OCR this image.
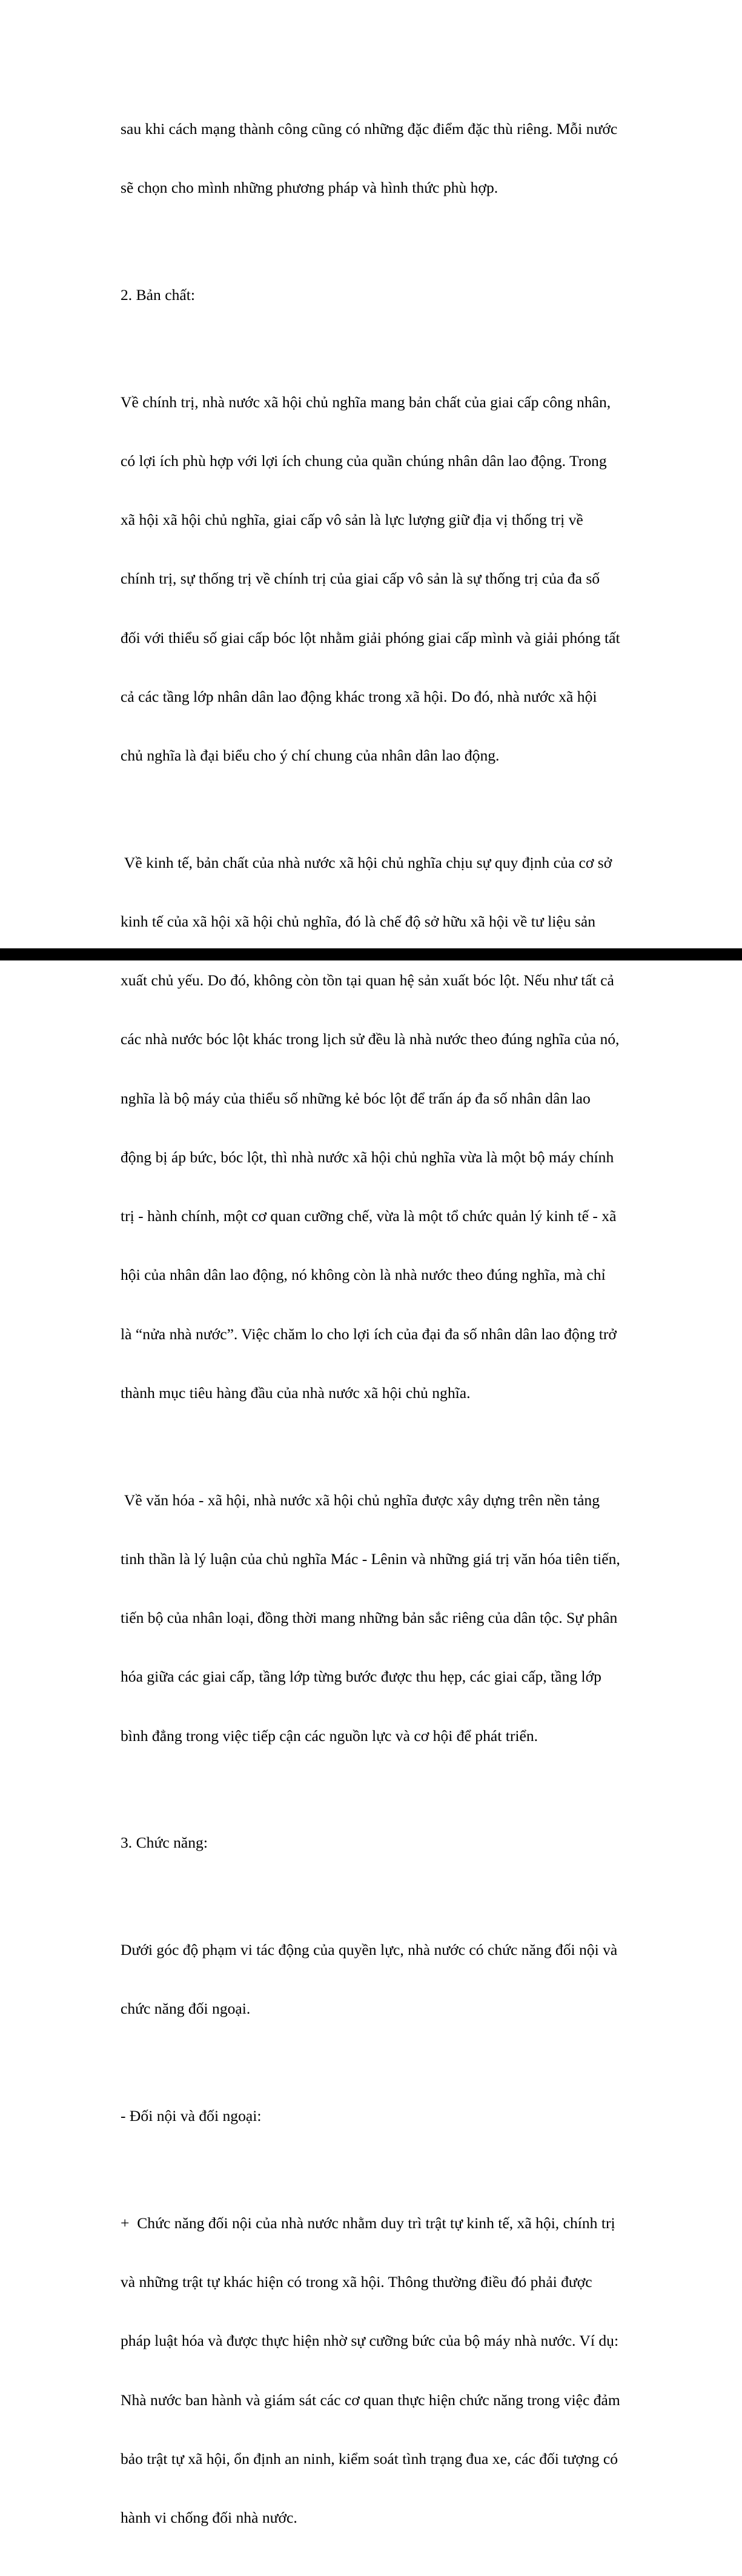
sau khi cách mạng thành công cũng có những đặc điểm đặc thù riêng. Mỗi nước

sẽ chọn cho mình những phương pháp và hình thức phù hợp.

2. Bản chất:

Về chính trị, nhà nước xã hội chủ nghĩa mang bản chất của giai cấp công nhân,

có lợi ích phù hợp với lợi ích chung của quần chúng nhân dân lao động. Trong

xã hội xã hội chủ nghĩa, giai cấp vô sản là lực lượng giữ địa vị thống trị về

chính trị, sự thống trị về chính trị của giai cấp vô sản là sự thống trị của đa số

đối với thiểu số giai cấp bóc lột nhằm giải phóng giai cấp mình và giải phóng tất

cả các tầng lớp nhân dân lao động khác trong xã hội. Do đó, nhà nước xã hội

chủ nghĩa là đại biểu cho ý chí chung của nhân dân lao động.

Về kinh tế, bản chất của nhà nước xã hội chủ nghĩa chịu sự quy định của cơ sở

kinh tế của xã hội xã hội chủ nghĩa, đó là chế độ sở hữu xã hội về tư liệu sản

xuất chủ yếu. Do đó, không còn tồn tại quan hệ sản xuất bóc lột. Nếu như tất cả

các nhà nước bóc lột khác trong lịch sử đều là nhà nước theo đúng nghĩa của nó,

nghĩa là bộ máy của thiểu số những kẻ bóc lột để trấn áp đa số nhân dân lao

động bị áp bức, bóc lột, thì nhà nước xã hội chủ nghĩa vừa là một bộ máy chính

trị - hành chính, một cơ quan cưỡng chế, vừa là một tổ chức quản lý kinh tế - xã

hội của nhân dân lao động, nó không còn là nhà nước theo đúng nghĩa, mà chỉ

là “nửa nhà nước”. Việc chăm lo cho lợi ích của đại đa số nhân dân lao động trở

thành mục tiêu hàng đầu của nhà nước xã hội chủ nghĩa.

Về văn hóa - xã hội, nhà nước xã hội chủ nghĩa được xây dựng trên nền tảng

tinh thần là lý luận của chủ nghĩa Mác - Lênin và những giá trị văn hóa tiên tiến,

tiến bộ của nhân loại, đồng thời mang những bản sắc riêng của dân tộc. Sự phân

hóa giữa các giai cấp, tầng lớp từng bước được thu hẹp, các giai cấp, tầng lớp

bình đẳng trong việc tiếp cận các nguồn lực và cơ hội để phát triển.

3. Chức năng:

Dưới góc độ phạm vi tác động của quyền lực, nhà nước có chức năng đối nội và

chức năng đối ngoại.

- Đối nội và đối ngoại:

+  Chức năng đối nội của nhà nước nhằm duy trì trật tự kinh tế, xã hội, chính trị

và những trật tự khác hiện có trong xã hội. Thông thường điều đó phải được

pháp luật hóa và được thực hiện nhờ sự cưỡng bức của bộ máy nhà nước. Ví dụ:

Nhà nước ban hành và giám sát các cơ quan thực hiện chức năng trong việc đảm

bảo trật tự xã hội, ổn định an ninh, kiểm soát tình trạng đua xe, các đối tượng có

hành vi chống đối nhà nước.
